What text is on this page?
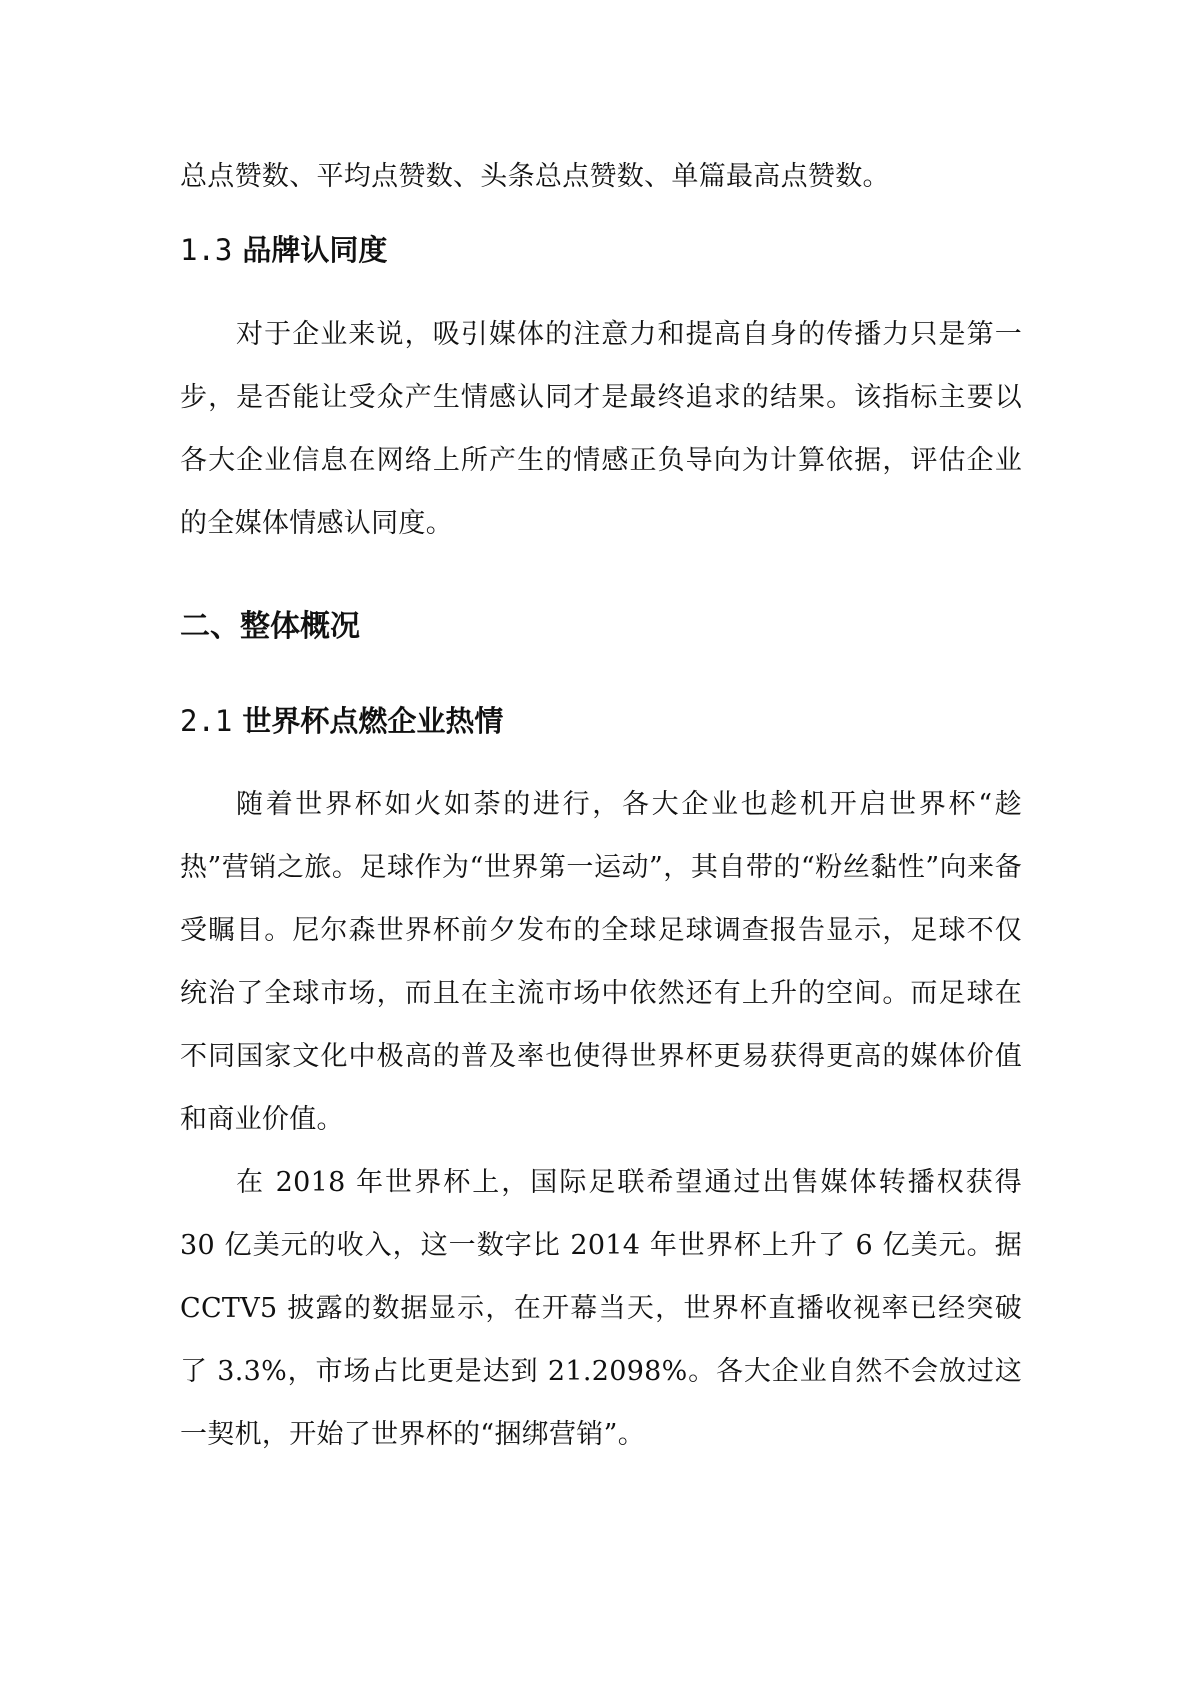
总点赞数、平均点赞数、头条总点赞数、单篇最高点赞数。

1.3 品牌认同度

对于企业来说，吸引媒体的注意力和提高自身的传播力只是第一步，是否能让受众产生情感认同才是最终追求的结果。该指标主要以各大企业信息在网络上所产生的情感正负导向为计算依据，评估企业的全媒体情感认同度。

二、整体概况
2.1 世界杯点燃企业热情

随着世界杯如火如荼的进行，各大企业也趁机开启世界杯“趁热”营销之旅。足球作为“世界第一运动”，其自带的“粉丝黏性”向来备受瞩目。尼尔森世界杯前夕发布的全球足球调查报告显示，足球不仅统治了全球市场，而且在主流市场中依然还有上升的空间。而足球在不同国家文化中极高的普及率也使得世界杯更易获得更高的媒体价值和商业价值。

在 2018 年世界杯上，国际足联希望通过出售媒体转播权获得 30 亿美元的收入，这一数字比 2014 年世界杯上升了 6 亿美元。据 CCTV5 披露的数据显示，在开幕当天，世界杯直播收视率已经突破了 3.3%，市场占比更是达到 21.2098%。各大企业自然不会放过这一契机，开始了世界杯的“捆绑营销”。
